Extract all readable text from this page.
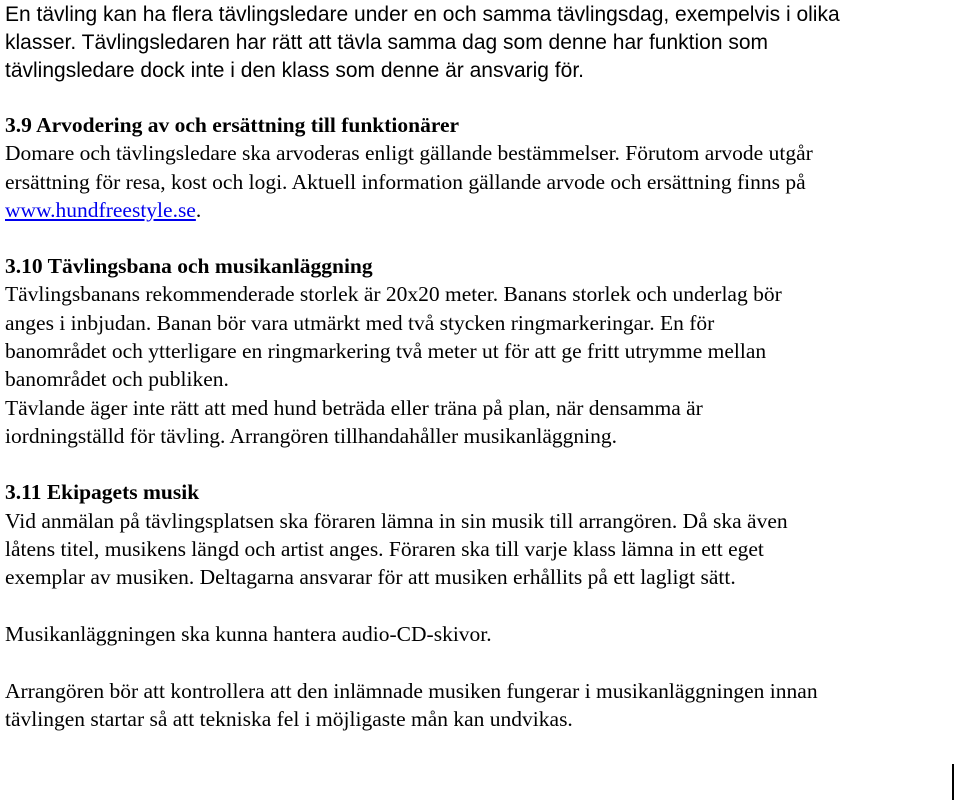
En tävling kan ha flera tävlingsledare under en och samma tävlingsdag, exempelvis i olika
klasser. Tävlingsledaren har rätt att tävla samma dag som denne har funktion som
tävlingsledare dock inte i den klass som denne är ansvarig för.
3.9 Arvodering av och ersättning till funktionärer
Domare och tävlingsledare ska arvoderas enligt gällande bestämmelser. Förutom arvode utgår
ersättning för resa, kost och logi. Aktuell information gällande arvode och ersättning finns på
www.hundfreestyle.se.
3.10 Tävlingsbana och musikanläggning
Tävlingsbanans rekommenderade storlek är 20x20 meter. Banans storlek och underlag bör
anges i inbjudan. Banan bör vara utmärkt med två stycken ringmarkeringar. En för
banområdet och ytterligare en ringmarkering två meter ut för att ge fritt utrymme mellan
banområdet och publiken.
Tävlande äger inte rätt att med hund beträda eller träna på plan, när densamma är
iordningställd för tävling. Arrangören tillhandahåller musikanläggning.
3.11 Ekipagets musik
Vid anmälan på tävlingsplatsen ska föraren lämna in sin musik till arrangören. Då ska även
låtens titel, musikens längd och artist anges. Föraren ska till varje klass lämna in ett eget
exemplar av musiken. Deltagarna ansvarar för att musiken erhållits på ett lagligt sätt.
Musikanläggningen ska kunna hantera audio-CD-skivor.
Arrangören bör att kontrollera att den inlämnade musiken fungerar i musikanläggningen innan
tävlingen startar så att tekniska fel i möjligaste mån kan undvikas.
